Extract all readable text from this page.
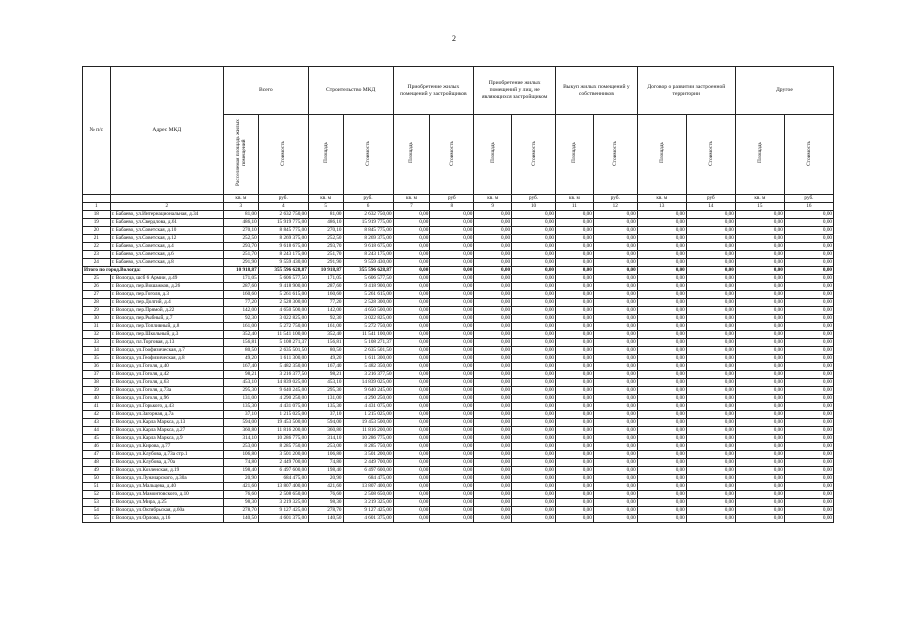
2
№ п/с	Адрес МКД	Всего		Строительство МКД		Приобретение жилых помещений у застройщиков		Приобретение жилых помещений у лиц, не являющихся застройщиком		Выкуп жилых помещений у собственников		Договор о развитии застроенной территории		Другое	
		Расселяемая площадь жилых помещений	Стоимость	Площадь	Стоимость	Площадь	Стоимость	Площадь	Стоимость	Площадь	Стоимость	Площадь	Стоимость	Площадь	Стоимость
		кв. м	руб.	кв. м	руб.	кв. м	руб	кв. м	руб.	кв. м	руб.	кв. м	руб	кв. м	руб.
1	2	3	4	5	6	7	8	9	10	11	12	13	14	15	16
18	г. Бабаево, ул.Интернациональная, д.34	81,00	2 632 750,00	81,00	2 632 750,00	0,00	0,00	0,00	0,00	0,00	0,00	0,00	0,00	0,00	0,00
19	г. Бабаево, ул.Свердлова, д.61	486,10	15 919 775,00	486,10	15 919 775,00	0,00	0,00	0,00	0,00	0,00	0,00	0,00	0,00	0,00	0,00
20	г. Бабаево, ул.Советская, д.10	270,10	8 845 775,00	270,10	8 845 775,00	0,00	0,00	0,00	0,00	0,00	0,00	0,00	0,00	0,00	0,00
21	г. Бабаево, ул.Советская, д.12	252,50	8 269 375,00	252,50	8 269 375,00	0,00	0,00	0,00	0,00	0,00	0,00	0,00	0,00	0,00	0,00
22	г. Бабаево, ул.Советская, д.4	293,70	9 618 675,00	293,70	9 618 675,00	0,00	0,00	0,00	0,00	0,00	0,00	0,00	0,00	0,00	0,00
23	г. Бабаево, ул.Советская, д.6	251,70	8 243 175,00	251,70	8 243 175,00	0,00	0,00	0,00	0,00	0,00	0,00	0,00	0,00	0,00	0,00
24	г. Бабаево, ул.Советская, д.8	291,90	9 559 430,00	291,90	9 559 430,00	0,00	0,00	0,00	0,00	0,00	0,00	0,00	0,00	0,00	0,00
Итого по город.Вологда:		10 918,87	355 596 628,87	10 918,87	355 596 628,87	0,00	0,00	0,00	0,00	0,00	0,00	0,00	0,00	0,00	0,00
25	г. Вологда, шсб 6 Армии, д.49	171,05	5 606 577,50	171,05	5 606 577,50	0,00	0,00	0,00	0,00	0,00	0,00	0,00	0,00	0,00	0,00
26	г. Вологда, пер.Вошажков, д.26	287,60	9 418 900,00	287,60	9 418 900,00	0,00	0,00	0,00	0,00	0,00	0,00	0,00	0,00	0,00	0,00
27	г. Вологда, пер.Гоголя, д.3	160,60	5 261 615,00	160,60	5 261 615,00	0,00	0,00	0,00	0,00	0,00	0,00	0,00	0,00	0,00	0,00
28	г. Вологда, пер.Долгий, д.4	77,20	2 528 300,00	77,20	2 528 300,00	0,00	0,00	0,00	0,00	0,00	0,00	0,00	0,00	0,00	0,00
29	г. Вологда, пер.Прямой, д.22	142,00	4 650 500,00	142,00	4 650 500,00	0,00	0,00	0,00	0,00	0,00	0,00	0,00	0,00	0,00	0,00
30	г. Вологда, пер.Рыбный, д.7	92,30	3 022 825,00	92,30	3 022 825,00	0,00	0,00	0,00	0,00	0,00	0,00	0,00	0,00	0,00	0,00
31	г. Вологда, пер.Топливный, д.8	161,00	5 272 750,00	161,00	5 272 750,00	0,00	0,00	0,00	0,00	0,00	0,00	0,00	0,00	0,00	0,00
32	г. Вологда, пер.Школьный, д.3	352,40	11 541 100,00	352,40	11 541 100,00	0,00	0,00	0,00	0,00	0,00	0,00	0,00	0,00	0,00	0,00
33	г. Вологда, пл.Торговая, д.13	156,81	5 108 271,37	156,81	5 108 271,37	0,00	0,00	0,00	0,00	0,00	0,00	0,00	0,00	0,00	0,00
34	г. Вологда, ул.Гоофизическая, д.7	80,50	2 635 501,50	80,50	2 635 501,50	0,00	0,00	0,00	0,00	0,00	0,00	0,00	0,00	0,00	0,00
35	г. Вологда, ул.Геофизическая, д.8	49,20	1 611 300,00	49,20	1 611 300,00	0,00	0,00	0,00	0,00	0,00	0,00	0,00	0,00	0,00	0,00
36	г. Вологда, ул.Гоголя, д.40	167,40	5 482 350,00	167,40	5 482 350,00	0,00	0,00	0,00	0,00	0,00	0,00	0,00	0,00	0,00	0,00
37	г. Вологда, ул.Гоголя, д.42	98,21	3 216 377,50	98,21	3 216 377,50	0,00	0,00	0,00	0,00	0,00	0,00	0,00	0,00	0,00	0,00
38	г. Вологда, ул.Гоголя, д.63	453,10	14 839 025,00	453,10	14 839 025,00	0,00	0,00	0,00	0,00	0,00	0,00	0,00	0,00	0,00	0,00
39	г. Вологда, ул.Гоголя, д.73а	295,30	9 640 245,00	295,30	9 640 245,00	0,00	0,00	0,00	0,00	0,00	0,00	0,00	0,00	0,00	0,00
40	г. Вологда, ул.Гоголя, д.96	131,00	4 290 250,00	131,00	4 290 250,00	0,00	0,00	0,00	0,00	0,00	0,00	0,00	0,00	0,00	0,00
41	г. Вологда, ул.Горького, д.43	135,30	4 431 075,00	135,30	4 431 075,00	0,00	0,00	0,00	0,00	0,00	0,00	0,00	0,00	0,00	0,00
42	г. Вологда, ул.Загорная, д.7а	37,10	1 215 025,00	37,10	1 215 025,00	0,00	0,00	0,00	0,00	0,00	0,00	0,00	0,00	0,00	0,00
43	г. Вологда, ул.Карла Маркса, д.13	594,00	19 453 500,00	594,00	19 453 500,00	0,00	0,00	0,00	0,00	0,00	0,00	0,00	0,00	0,00	0,00
44	г. Вологда, ул.Карла Маркса, д.27	360,80	11 816 200,00	360,80	11 816 200,00	0,00	0,00	0,00	0,00	0,00	0,00	0,00	0,00	0,00	0,00
45	г. Вологда, ул.Карла Маркса, д.9	314,10	10 286 775,00	314,10	10 286 775,00	0,00	0,00	0,00	0,00	0,00	0,00	0,00	0,00	0,00	0,00
46	г. Вологда, ул.Кирова, д.77	253,00	8 285 750,00	253,00	8 285 750,00	0,00	0,00	0,00	0,00	0,00	0,00	0,00	0,00	0,00	0,00
47	г. Вологда, ул.Клубова, д.73а стр.1	106,80	3 501 200,00	106,80	3 501 200,00	0,00	0,00	0,00	0,00	0,00	0,00	0,00	0,00	0,00	0,00
48	г. Вологда, ул.Клубова, д.70а	74,80	2 449 700,00	74,80	2 449 700,00	0,00	0,00	0,00	0,00	0,00	0,00	0,00	0,00	0,00	0,00
49	г. Вологда, ул.Козленская, д.19	198,40	6 497 600,00	198,40	6 497 600,00	0,00	0,00	0,00	0,00	0,00	0,00	0,00	0,00	0,00	0,00
50	г. Вологда, ул.Луначарского, д.30а	20,90	684 475,00	20,90	684 475,00	0,00	0,00	0,00	0,00	0,00	0,00	0,00	0,00	0,00	0,00
51	г. Вологда, ул.Мальцева, д.40	421,60	13 807 400,00	421,60	13 807 400,00	0,00	0,00	0,00	0,00	0,00	0,00	0,00	0,00	0,00	0,00
52	г. Вологда, ул.Мамонтовского, д.10	76,60	2 508 650,00	76,60	2 508 650,00	0,00	0,00	0,00	0,00	0,00	0,00	0,00	0,00	0,00	0,00
53	г. Вологда, ул.Мира, д.25	98,30	3 219 325,00	98,30	3 219 325,00	0,00	0,00	0,00	0,00	0,00	0,00	0,00	0,00	0,00	0,00
54	г. Вологда, ул.Октябрьская, д.60а	278,70	9 127 425,00	278,70	9 127 425,00	0,00	0,00	0,00	0,00	0,00	0,00	0,00	0,00	0,00	0,00
55	г. Вологда, ул.Орлова, д.16	140,50	4 601 375,00	140,50	4 601 375,00	0,00	0,00	0,00	0,00	0,00	0,00	0,00	0,00	0,00	0,00
